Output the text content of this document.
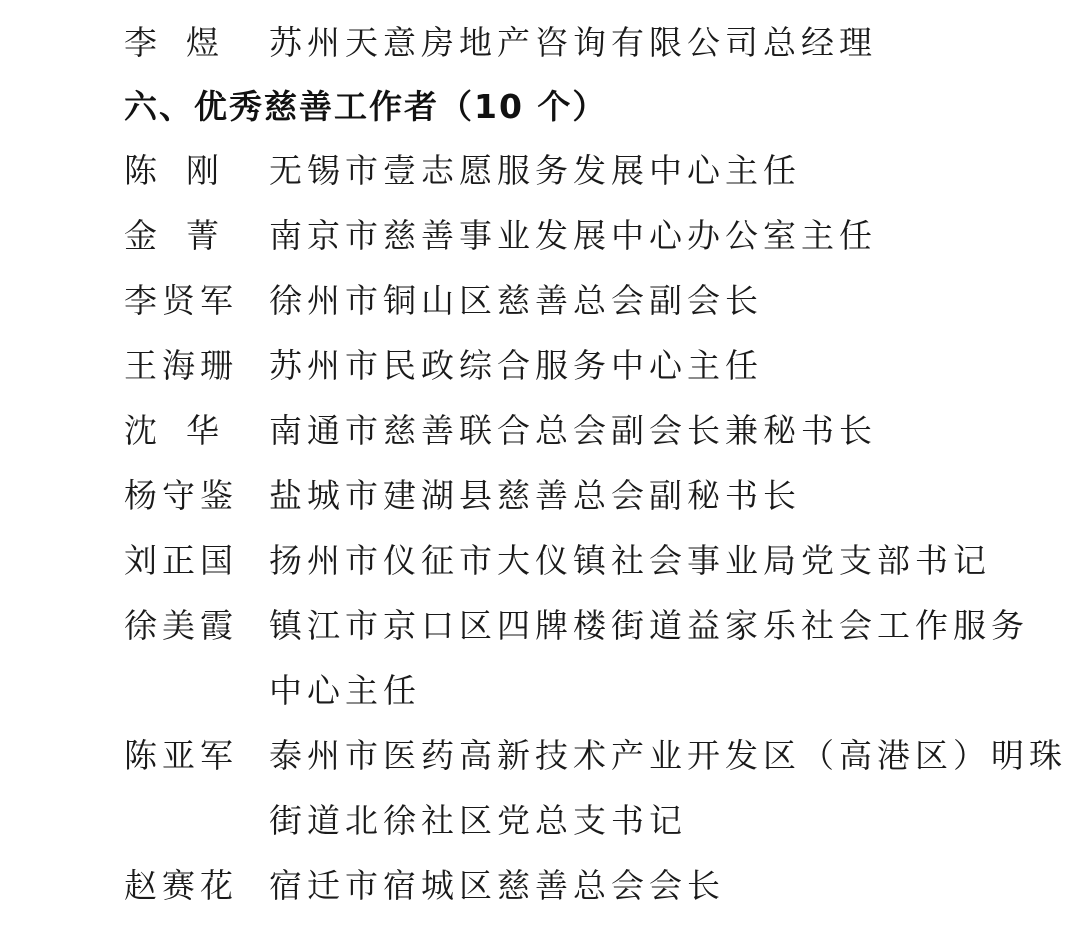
李 煜 苏州天意房地产咨询有限公司总经理
六、优秀慈善工作者（10 个）
陈 刚 无锡市壹志愿服务发展中心主任
金 菁 南京市慈善事业发展中心办公室主任
李贤军 徐州市铜山区慈善总会副会长
王海珊 苏州市民政综合服务中心主任
沈 华 南通市慈善联合总会副会长兼秘书长
杨守鉴 盐城市建湖县慈善总会副秘书长
刘正国 扬州市仪征市大仪镇社会事业局党支部书记
徐美霞 镇江市京口区四牌楼街道益家乐社会工作服务
中心主任
陈亚军 泰州市医药高新技术产业开发区（高港区）明珠
街道北徐社区党总支书记
赵赛花 宿迁市宿城区慈善总会会长
